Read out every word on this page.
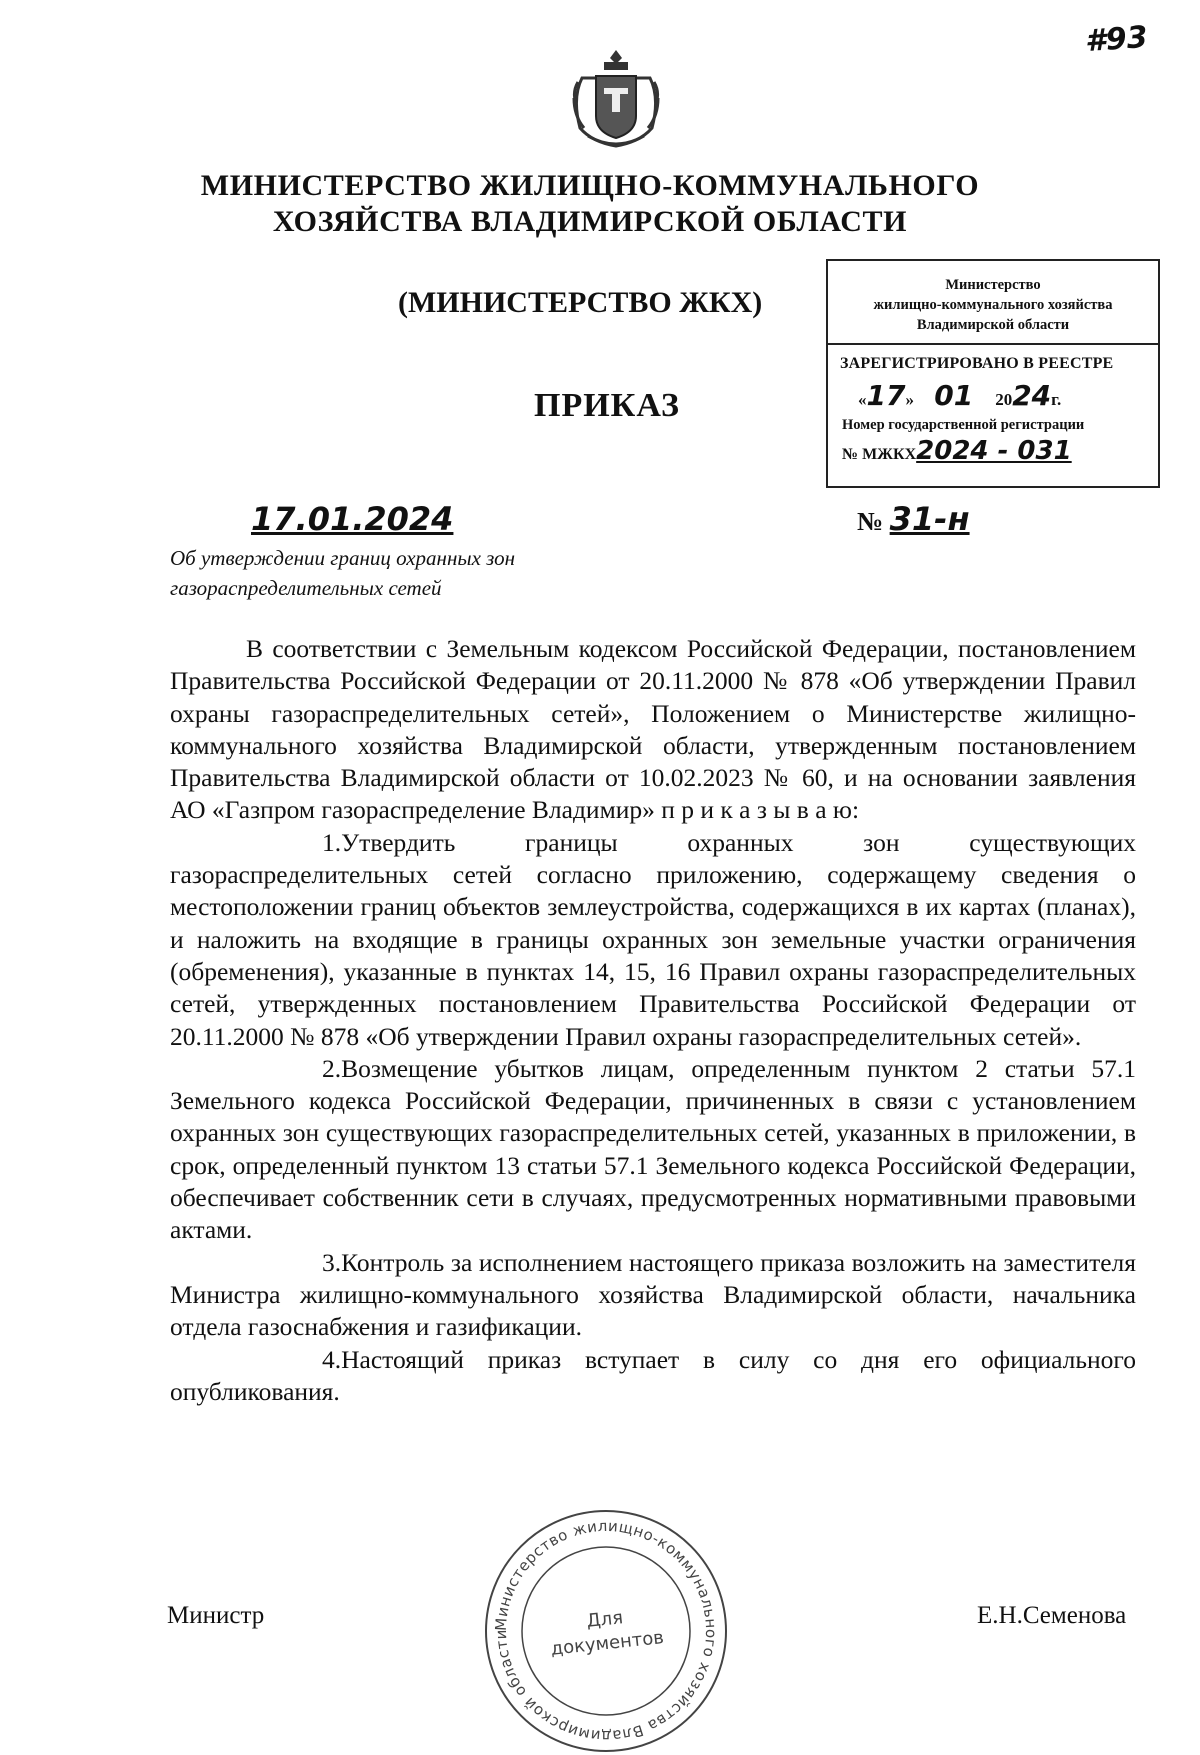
#93
МИНИСТЕРСТВО ЖИЛИЩНО-КОММУНАЛЬНОГО
ХОЗЯЙСТВА ВЛАДИМИРСКОЙ ОБЛАСТИ
(МИНИСТЕРСТВО ЖКХ)
Министерство
жилищно-коммунального хозяйства
Владимирской области
ЗАРЕГИСТРИРОВАНО В РЕЕСТРЕ
«17» 01 2024г.
Номер государственной регистрации
№ МЖКХ2024 - 031
ПРИКАЗ
17.01.2024	№ 31-н
Об утверждении границ охранных зон
газораспределительных сетей

В соответствии с Земельным кодексом Российской Федерации, постановлением Правительства Российской Федерации от 20.11.2000 № 878 «Об утверждении Правил охраны газораспределительных сетей», Положением о Министерстве жилищно-коммунального хозяйства Владимирской области, утвержденным постановлением Правительства Владимирской области от 10.02.2023 № 60, и на основании заявления АО «Газпром газораспределение Владимир» п р и к а з ы в а ю:

1.Утвердить границы охранных зон существующих газораспределительных сетей согласно приложению, содержащему сведения о местоположении границ объектов землеустройства, содержащихся в их картах (планах), и наложить на входящие в границы охранных зон земельные участки ограничения (обременения), указанные в пунктах 14, 15, 16 Правил охраны газораспределительных сетей, утвержденных постановлением Правительства Российской Федерации от 20.11.2000 № 878 «Об утверждении Правил охраны газораспределительных сетей».

2.Возмещение убытков лицам, определенным пунктом 2 статьи 57.1 Земельного кодекса Российской Федерации, причиненных в связи с установлением охранных зон существующих газораспределительных сетей, указанных в приложении, в срок, определенный пунктом 13 статьи 57.1 Земельного кодекса Российской Федерации, обеспечивает собственник сети в случаях, предусмотренных нормативными правовыми актами.

3.Контроль за исполнением настоящего приказа возложить на заместителя Министра жилищно-коммунального хозяйства Владимирской области, начальника отдела газоснабжения и газификации.

4.Настоящий приказ вступает в силу со дня его официального опубликования.

Министр	Е.Н.Семенова
Министерство жилищно-коммунального хозяйства Владимирской области
Для
документов
